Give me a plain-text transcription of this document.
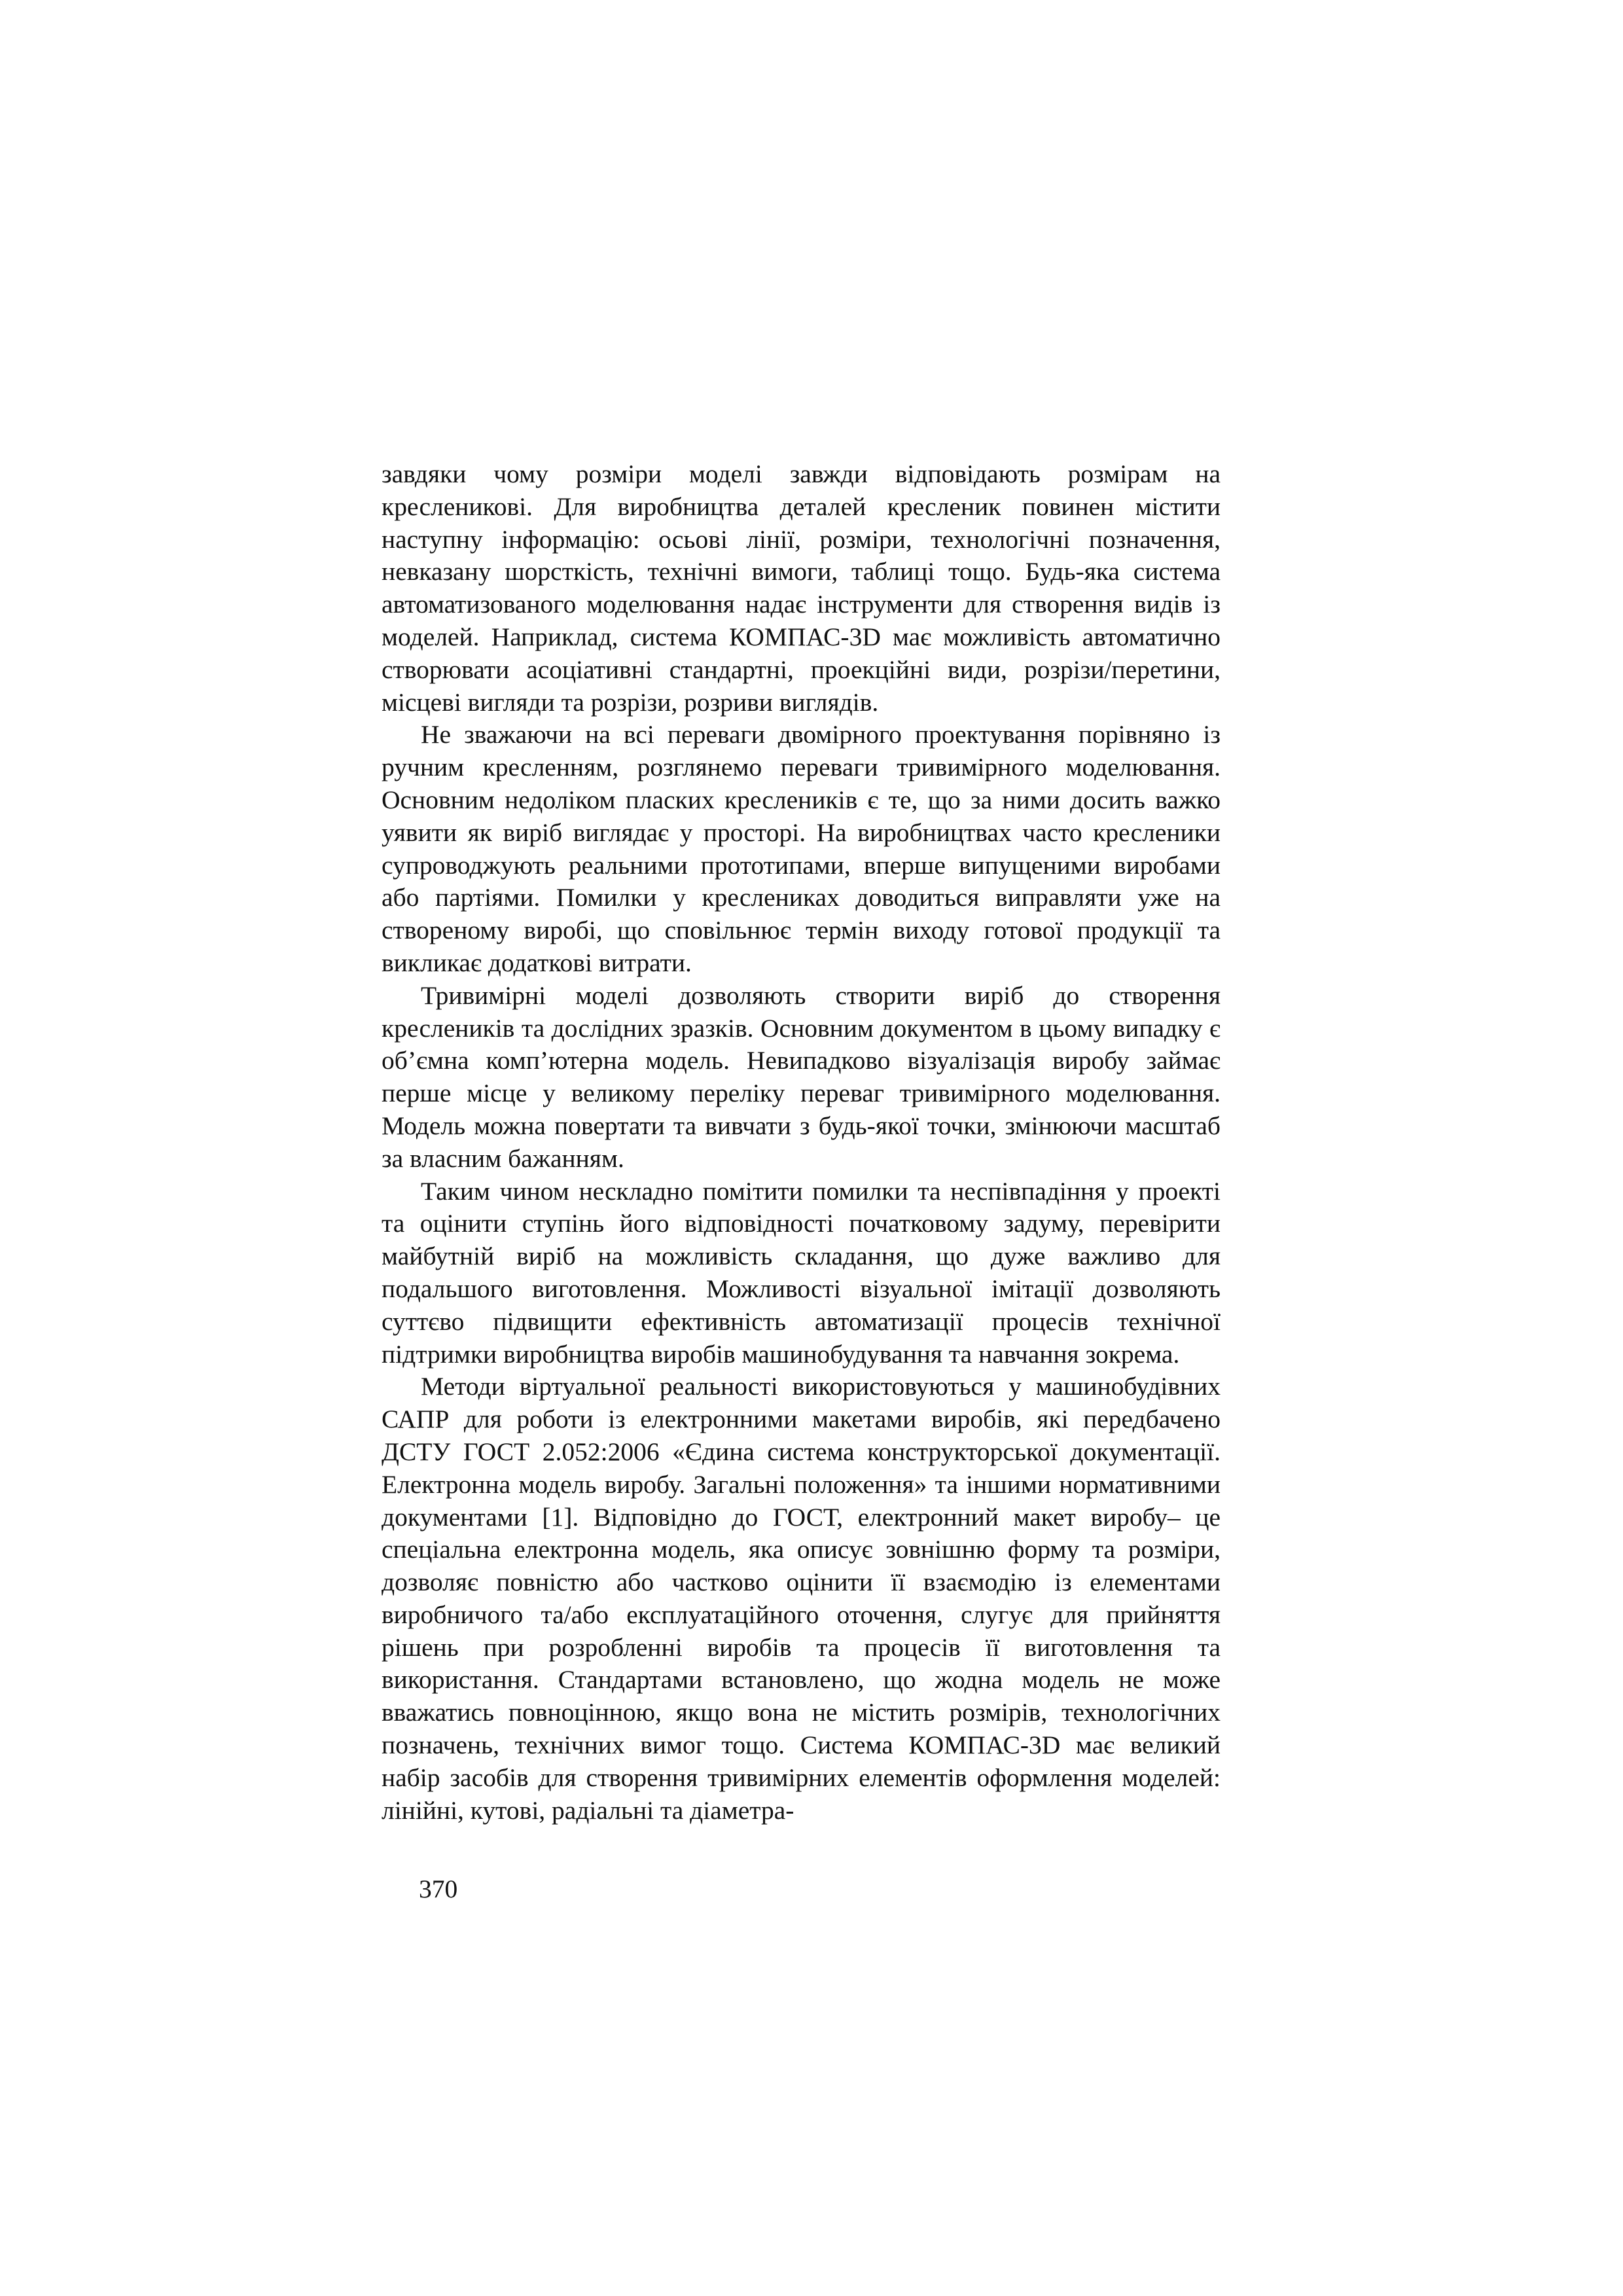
завдяки чому розміри моделі завжди відповідають розмірам на креслениковi. Для виробництва деталей кресленик повинен містити наступну інформацію: осьові лінії, розміри, технологічні позначення, невказану шорсткість, технічні вимоги, таблиці тощо. Будь-яка система автоматизованого моделювання надає інструменти для створення видів із моделей. Наприклад, система КОМПАС-3D має можливість автоматично створювати асоціативні стандартні, проекційні види, розрізи/перетини, місцеві вигляди та розрізи, розриви виглядів.

Не зважаючи на всі переваги двомірного проектування порівняно із ручним кресленням, розглянемо переваги тривимірного моделювання. Основним недоліком пласких креслеників є те, що за ними досить важко уявити як виріб виглядає у просторі. На виробництвах часто кресленики супроводжують реальними прототипами, вперше випущеними виробами або партіями. Помилки у креслениках доводиться виправляти уже на створеному виробі, що сповільнює термін виходу готової продукції та викликає додаткові витрати.

Тривимірні моделі дозволяють створити виріб до створення креслеників та дослідних зразків. Основним документом в цьому випадку є об’ємна комп’ютерна модель. Невипадково візуалізація виробу займає перше місце у великому переліку переваг тривимірного моделювання. Модель можна повертати та вивчати з будь-якої точки, змінюючи масштаб за власним бажанням.

Таким чином нескладно помітити помилки та неспівпадіння у проекті та оцінити ступінь його відповідності початковому задуму, перевірити майбутній виріб на можливість складання, що дуже важливо для подальшого виготовлення. Можливості візуальної імітації дозволяють суттєво підвищити ефективність автоматизації процесів технічної підтримки виробництва виробів машинобудування та навчання зокрема.

Методи віртуальної реальності використовуються у машинобудівних САПР для роботи із електронними макетами виробів, які передбачено ДСТУ ГОСТ 2.052:2006 «Єдина система конструкторської документації. Електронна модель виробу. Загальні положення» та іншими нормативними документами [1]. Відповідно до ГОСТ, електронний макет виробу– це спеціальна електронна модель, яка описує зовнішню форму та розміри, дозволяє повністю або частково оцінити її взаємодію із елементами виробничого та/або експлуатаційного оточення, слугує для прийняття рішень при розробленні виробів та процесів її виготовлення та використання. Стандартами встановлено, що жодна модель не може вважатись повноцінною, якщо вона не містить розмірів, технологічних позначень, технічних вимог тощо. Система КОМПАС-3D має великий набір засобів для створення тривимірних елементів оформлення моделей: лінійні, кутові, радіальні та діаметра-

370
